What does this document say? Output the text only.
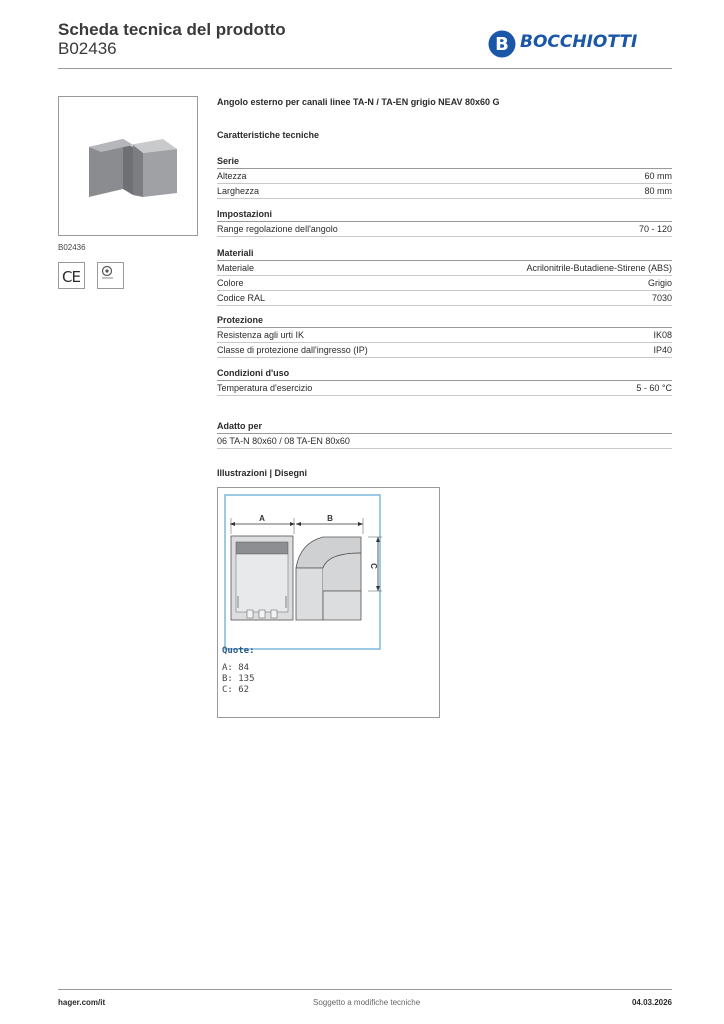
Scheda tecnica del prodotto
B02436	B BOCCHIOTTI
B02436
CE
Angolo esterno per canali linee TA-N / TA-EN grigio NEAV 80x60 G
Caratteristiche tecniche
Serie
Altezza	60 mm
Larghezza	80 mm
Impostazioni
Range regolazione dell'angolo	70 - 120
Materiali
Materiale	Acrilonitrile-Butadiene-Stirene (ABS)
Colore	Grigio
Codice RAL	7030
Protezione
Resistenza agli urti IK	IK08
Classe di protezione dall'ingresso (IP)	IP40
Condizioni d'uso
Temperatura d'esercizio	5 - 60 °C
Adatto per
06 TA-N 80x60 / 08 TA-EN 80x60
Illustrazioni | Disegni
A	B
C
Quote:
A: 84
B: 135
C: 62
hager.com/it	Soggetto a modifiche tecniche	04.03.2026
